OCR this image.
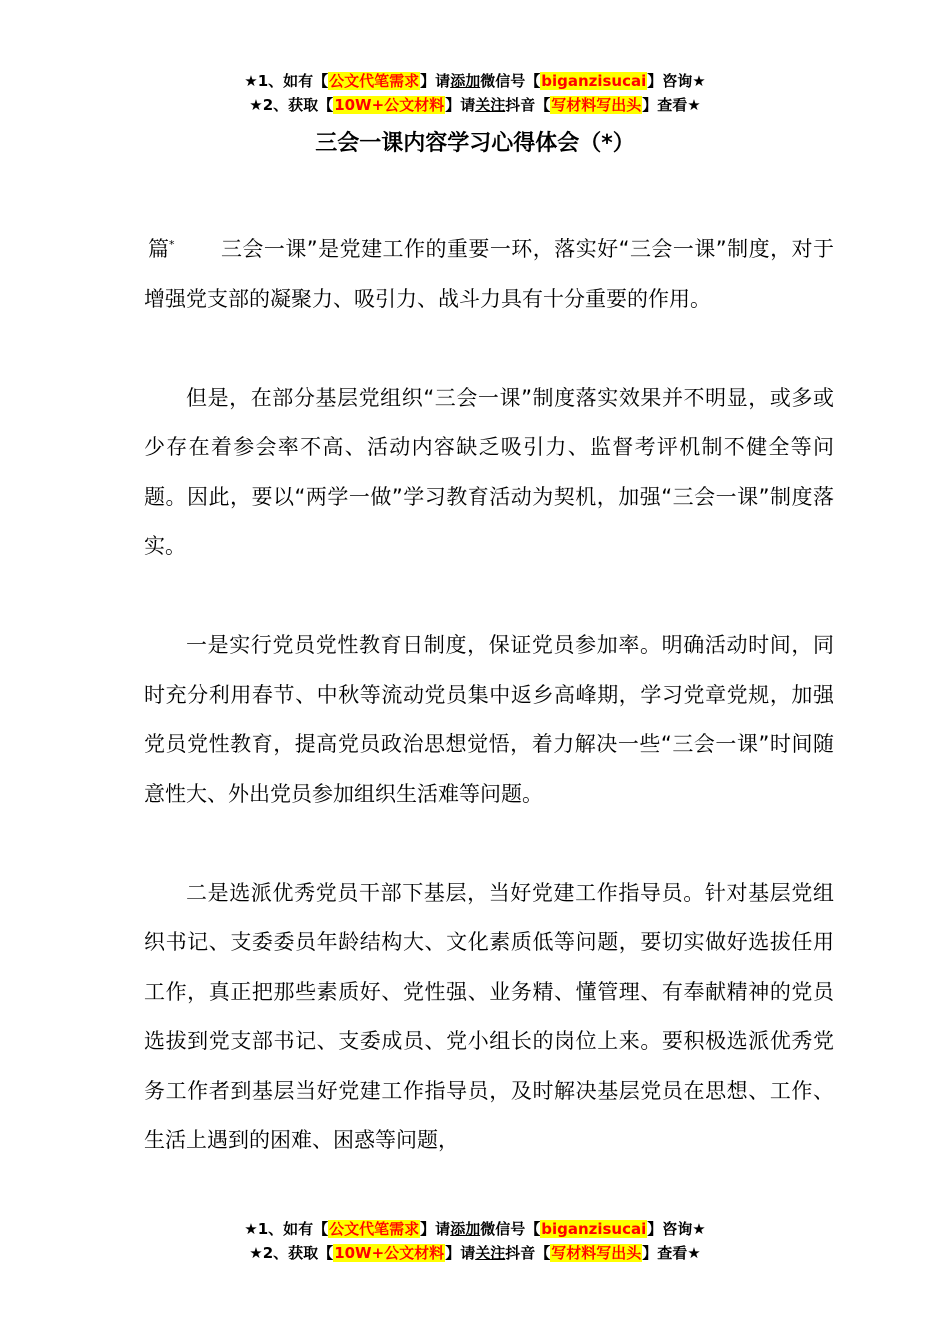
★1、如有【公文代笔需求】请添加微信号【biganzisucai】咨询★
★2、获取【10W+公文材料】请关注抖音【写材料写出头】查看★
三会一课内容学习心得体会（*）

篇* 三会一课”是党建工作的重要一环，落实好“三会一课”制度，对于增强党支部的凝聚力、吸引力、战斗力具有十分重要的作用。

但是，在部分基层党组织“三会一课”制度落实效果并不明显，或多或少存在着参会率不高、活动内容缺乏吸引力、监督考评机制不健全等问题。因此，要以“两学一做”学习教育活动为契机，加强“三会一课”制度落实。

一是实行党员党性教育日制度，保证党员参加率。明确活动时间，同时充分利用春节、中秋等流动党员集中返乡高峰期，学习党章党规，加强党员党性教育，提高党员政治思想觉悟，着力解决一些“三会一课”时间随意性大、外出党员参加组织生活难等问题。

二是选派优秀党员干部下基层，当好党建工作指导员。针对基层党组织书记、支委委员年龄结构大、文化素质低等问题，要切实做好选拔任用工作，真正把那些素质好、党性强、业务精、懂管理、有奉献精神的党员选拔到党支部书记、支委成员、党小组长的岗位上来。要积极选派优秀党务工作者到基层当好党建工作指导员，及时解决基层党员在思想、工作、生活上遇到的困难、困惑等问题，

★1、如有【公文代笔需求】请添加微信号【biganzisucai】咨询★
★2、获取【10W+公文材料】请关注抖音【写材料写出头】查看★
